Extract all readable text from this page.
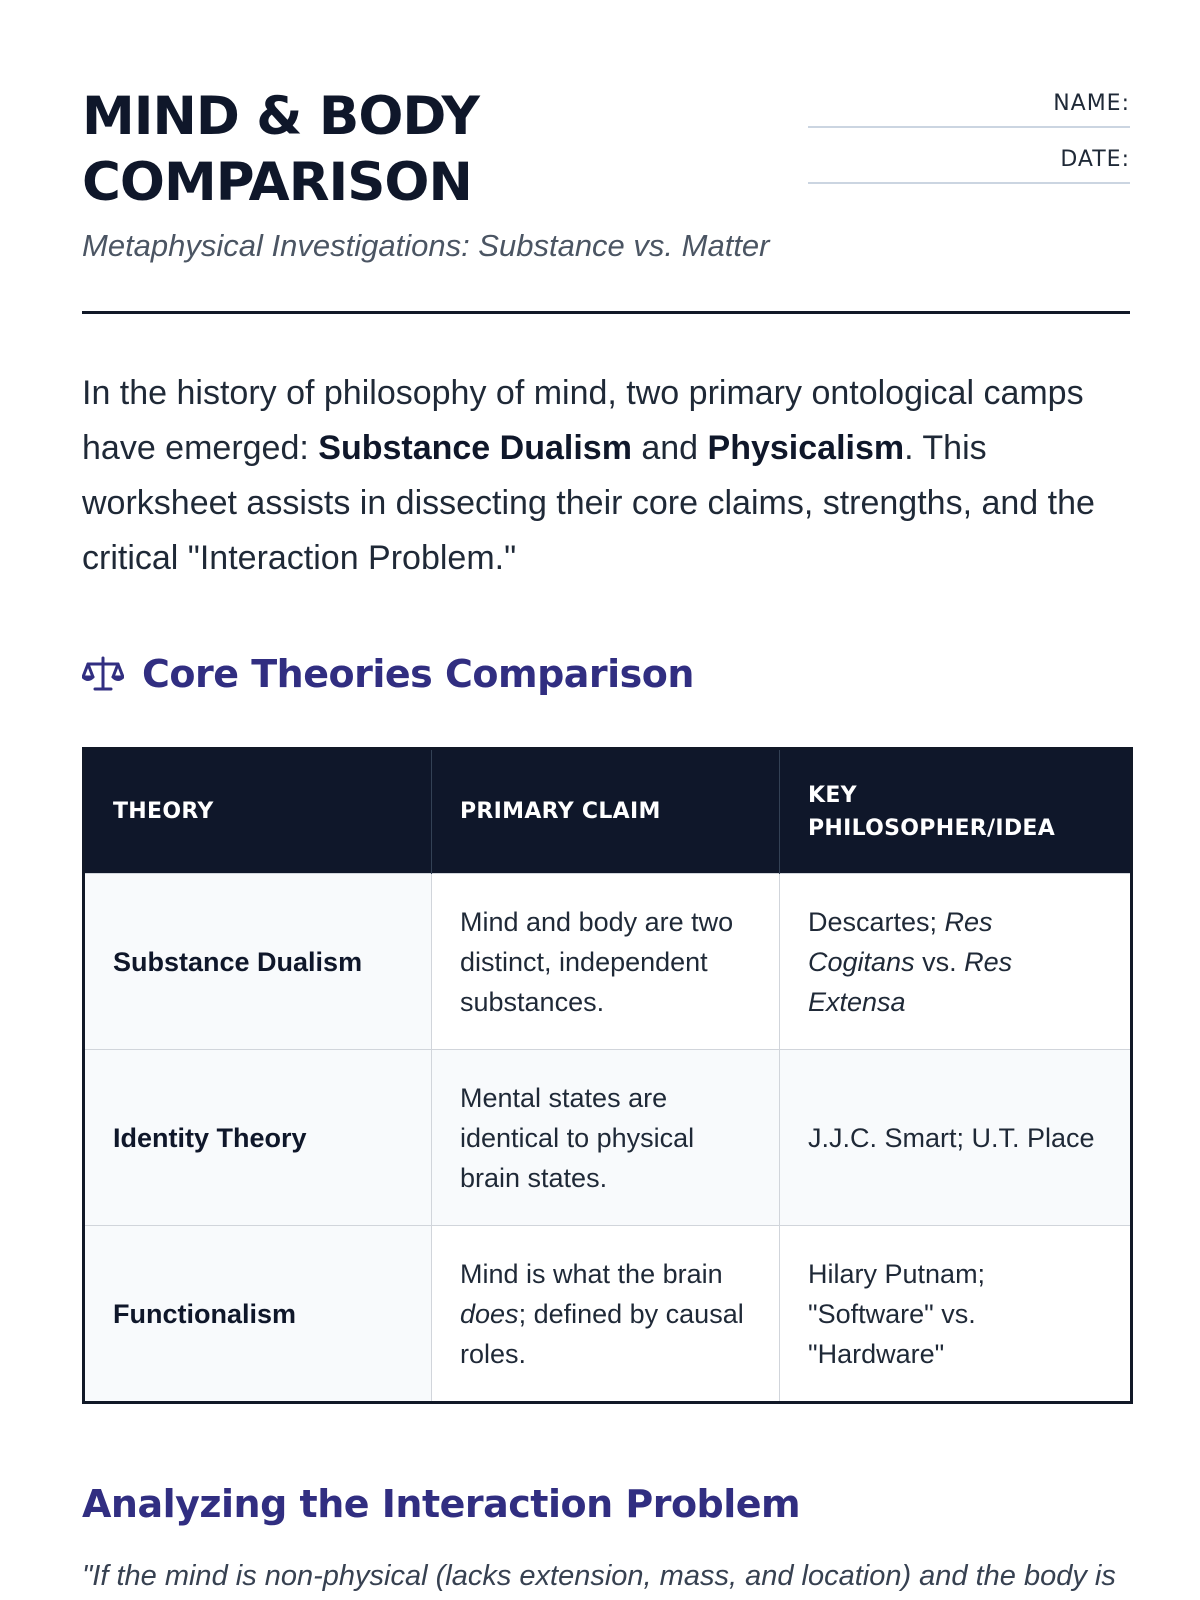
MIND & BODY
COMPARISON

Metaphysical Investigations: Substance vs. Matter

NAME:
DATE:

In the history of philosophy of mind, two primary ontological camps have emerged: Substance Dualism and Physicalism. This worksheet assists in dissecting their core claims, strengths, and the critical "Interaction Problem."

Core Theories Comparison
THEORY	PRIMARY CLAIM	KEY
PHILOSOPHER/IDEA
Substance Dualism	Mind and body are two distinct, independent substances.	Descartes; Res Cogitans vs. Res Extensa
Identity Theory	Mental states are identical to physical brain states.	J.J.C. Smart; U.T. Place
Functionalism	Mind is what the brain does; defined by causal roles.	Hilary Putnam; "Software" vs. "Hardware"
Analyzing the Interaction Problem

"If the mind is non-physical (lacks extension, mass, and location) and the body is
